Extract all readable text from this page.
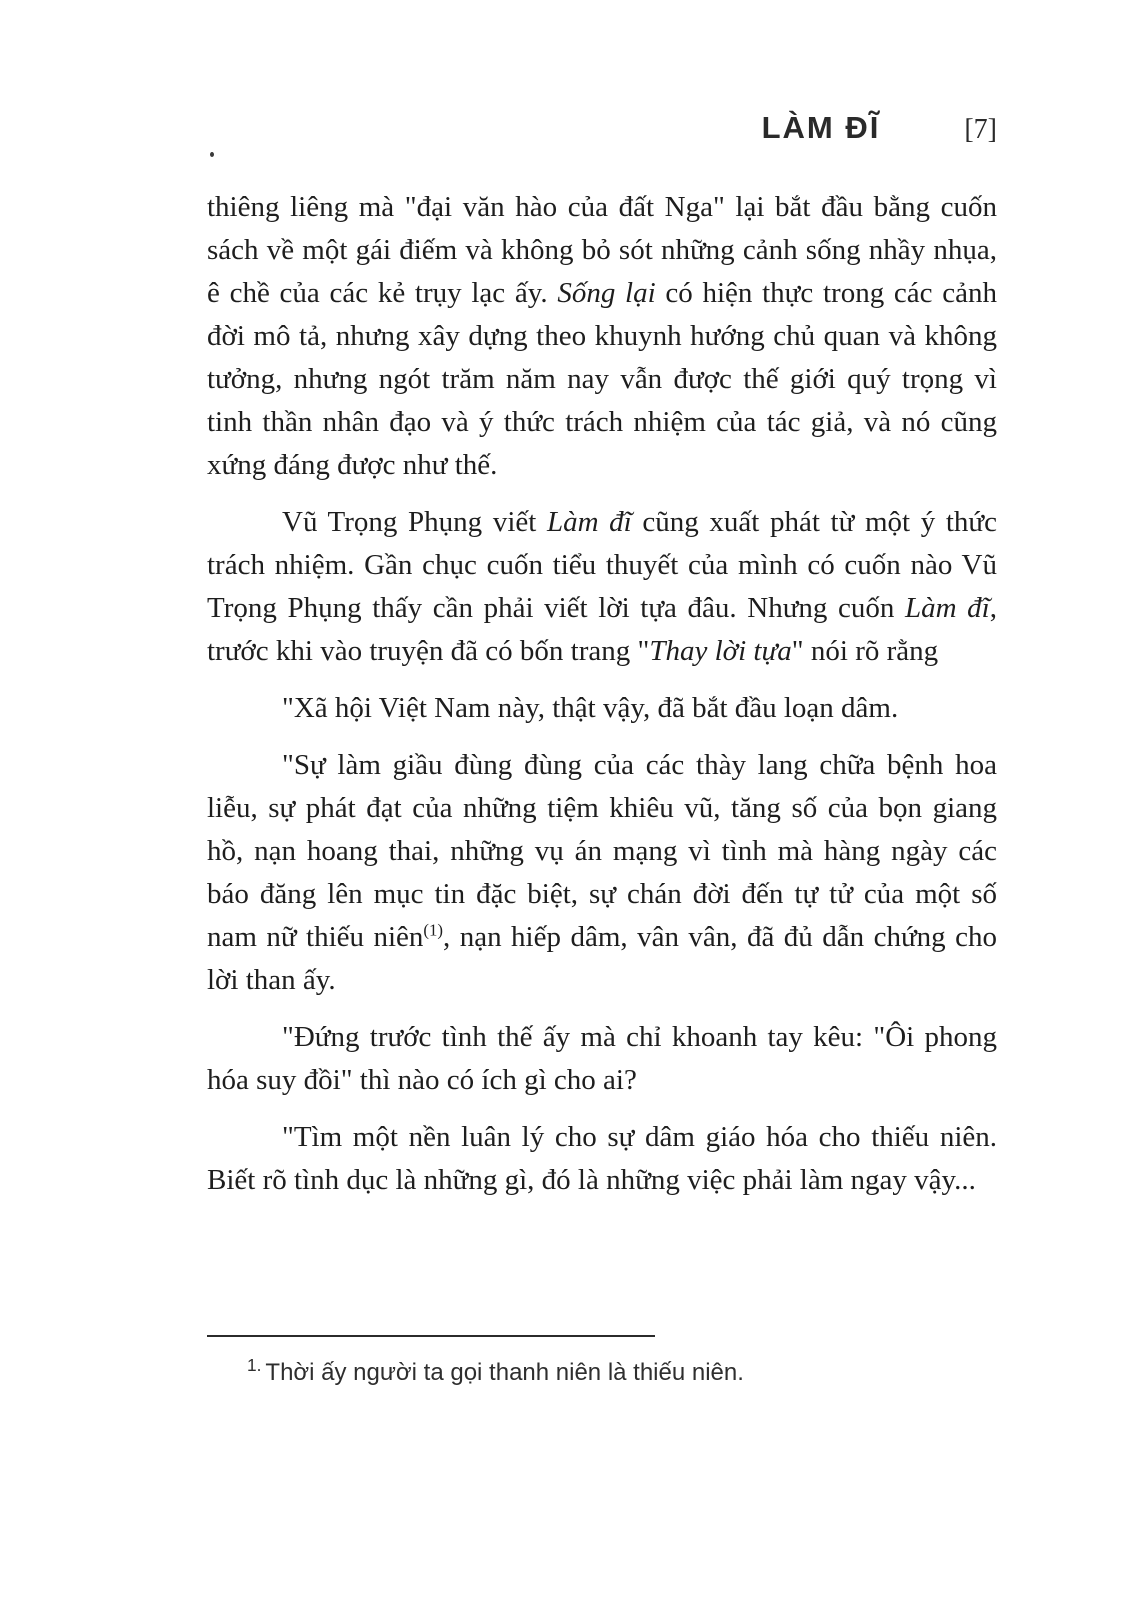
LÀM ĐĨ	[7]

thiêng liêng mà "đại văn hào của đất Nga" lại bắt đầu bằng cuốn sách về một gái điếm và không bỏ sót những cảnh sống nhầy nhụa, ê chề của các kẻ trụy lạc ấy. Sống lại có hiện thực trong các cảnh đời mô tả, nhưng xây dựng theo khuynh hướng chủ quan và không tưởng, nhưng ngót trăm năm nay vẫn được thế giới quý trọng vì tinh thần nhân đạo và ý thức trách nhiệm của tác giả, và nó cũng xứng đáng được như thế.

Vũ Trọng Phụng viết Làm đĩ cũng xuất phát từ một ý thức trách nhiệm. Gần chục cuốn tiểu thuyết của mình có cuốn nào Vũ Trọng Phụng thấy cần phải viết lời tựa đâu. Nhưng cuốn Làm đĩ, trước khi vào truyện đã có bốn trang "Thay lời tựa" nói rõ rằng

"Xã hội Việt Nam này, thật vậy, đã bắt đầu loạn dâm.

"Sự làm giầu đùng đùng của các thày lang chữa bệnh hoa liễu, sự phát đạt của những tiệm khiêu vũ, tăng số của bọn giang hồ, nạn hoang thai, những vụ án mạng vì tình mà hàng ngày các báo đăng lên mục tin đặc biệt, sự chán đời đến tự tử của một số nam nữ thiếu niên$^{(1)}$, nạn hiếp dâm, vân vân, đã đủ dẫn chứng cho lời than ấy.

"Đứng trước tình thế ấy mà chỉ khoanh tay kêu: "Ôi phong hóa suy đồi" thì nào có ích gì cho ai?

"Tìm một nền luân lý cho sự dâm giáo hóa cho thiếu niên. Biết rõ tình dục là những gì, đó là những việc phải làm ngay vậy...

$^{1.}$ Thời ấy người ta gọi thanh niên là thiếu niên.
